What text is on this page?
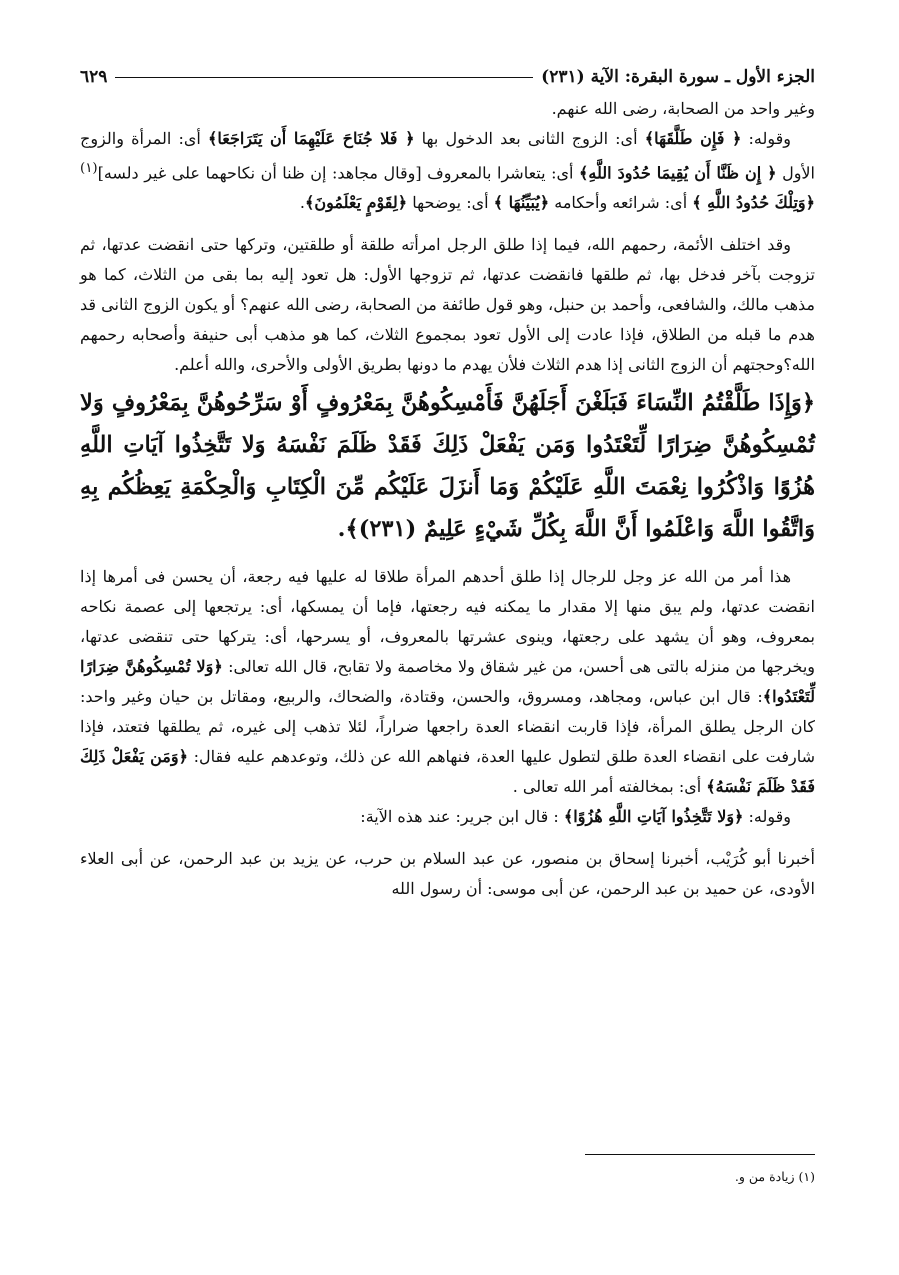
الجزء الأول ـ سورة البقرة: الآية (٢٣١)
٦٢٩

وغير واحد من الصحابة، رضى الله عنهم.

وقوله: ﴿ فَإِن طَلَّقَهَا﴾ أى: الزوج الثانى بعد الدخول بها ﴿ فَلا جُنَاحَ عَلَيْهِمَا أَن يَتَرَاجَعَا﴾ أى: المرأة والزوج الأول ﴿ إِن ظَنَّا أَن يُقِيمَا حُدُودَ اللَّهِ﴾ أى: يتعاشرا بالمعروف [وقال مجاهد: إن ظنا أن نكاحهما على غير دلسه]$^{(١)}$ ﴿وَتِلْكَ حُدُودُ اللَّهِ ﴾ أى: شرائعه وأحكامه ﴿يُبَيِّنُهَا ﴾ أى: يوضحها ﴿لِقَوْمٍ يَعْلَمُونَ﴾.

وقد اختلف الأئمة، رحمهم الله، فيما إذا طلق الرجل امرأته طلقة أو طلقتين، وتركها حتى انقضت عدتها، ثم تزوجت بآخر فدخل بها، ثم طلقها فانقضت عدتها، ثم تزوجها الأول: هل تعود إليه بما بقى من الثلاث، كما هو مذهب مالك، والشافعى، وأحمد بن حنبل، وهو قول طائفة من الصحابة، رضى الله عنهم؟ أو يكون الزوج الثانى قد هدم ما قبله من الطلاق، فإذا عادت إلى الأول تعود بمجموع الثلاث، كما هو مذهب أبى حنيفة وأصحابه رحمهم الله؟وحجتهم أن الزوج الثانى إذا هدم الثلاث فلأن يهدم ما دونها بطريق الأولى والأحرى، والله أعلم.

﴿وَإِذَا طَلَّقْتُمُ النِّسَاءَ فَبَلَغْنَ أَجَلَهُنَّ فَأَمْسِكُوهُنَّ بِمَعْرُوفٍ أَوْ سَرِّحُوهُنَّ بِمَعْرُوفٍ وَلا تُمْسِكُوهُنَّ ضِرَارًا لِّتَعْتَدُوا وَمَن يَفْعَلْ ذَلِكَ فَقَدْ ظَلَمَ نَفْسَهُ وَلا تَتَّخِذُوا آيَاتِ اللَّهِ هُزُوًا وَاذْكُرُوا نِعْمَتَ اللَّهِ عَلَيْكُمْ وَمَا أَنزَلَ عَلَيْكُم مِّنَ الْكِتَابِ وَالْحِكْمَةِ يَعِظُكُم بِهِ وَاتَّقُوا اللَّهَ وَاعْلَمُوا أَنَّ اللَّهَ بِكُلِّ شَيْءٍ عَلِيمٌ (٢٣١)﴾.

هذا أمر من الله عز وجل للرجال إذا طلق أحدهم المرأة طلاقا له عليها فيه رجعة، أن يحسن فى أمرها إذا انقضت عدتها، ولم يبق منها إلا مقدار ما يمكنه فيه رجعتها، فإما أن يمسكها، أى: يرتجعها إلى عصمة نكاحه بمعروف، وهو أن يشهد على رجعتها، وينوى عشرتها بالمعروف، أو يسرحها، أى: يتركها حتى تنقضى عدتها، ويخرجها من منزله بالتى هى أحسن، من غير شقاق ولا مخاصمة ولا تقابح، قال الله تعالى: ﴿وَلا تُمْسِكُوهُنَّ ضِرَارًا لِّتَعْتَدُوا﴾: قال ابن عباس، ومجاهد، ومسروق، والحسن، وقتادة، والضحاك، والربيع، ومقاتل بن حيان وغير واحد: كان الرجل يطلق المرأة، فإذا قاربت انقضاء العدة راجعها ضراراً، لئلا تذهب إلى غيره، ثم يطلقها فتعتد، فإذا شارفت على انقضاء العدة طلق لتطول عليها العدة، فنهاهم الله عن ذلك، وتوعدهم عليه فقال: ﴿وَمَن يَفْعَلْ ذَلِكَ فَقَدْ ظَلَمَ نَفْسَهُ﴾ أى: بمخالفته أمر الله تعالى .

وقوله: ﴿وَلا تَتَّخِذُوا آيَاتِ اللَّهِ هُزُوًا﴾ : قال ابن جرير: عند هذه الآية:

أخبرنا أبو كُرَيْب، أخبرنا إسحاق بن منصور، عن عبد السلام بن حرب، عن يزيد بن عبد الرحمن، عن أبى العلاء الأودى، عن حميد بن عبد الرحمن، عن أبى موسى: أن رسول الله

(١) زيادة من و.
